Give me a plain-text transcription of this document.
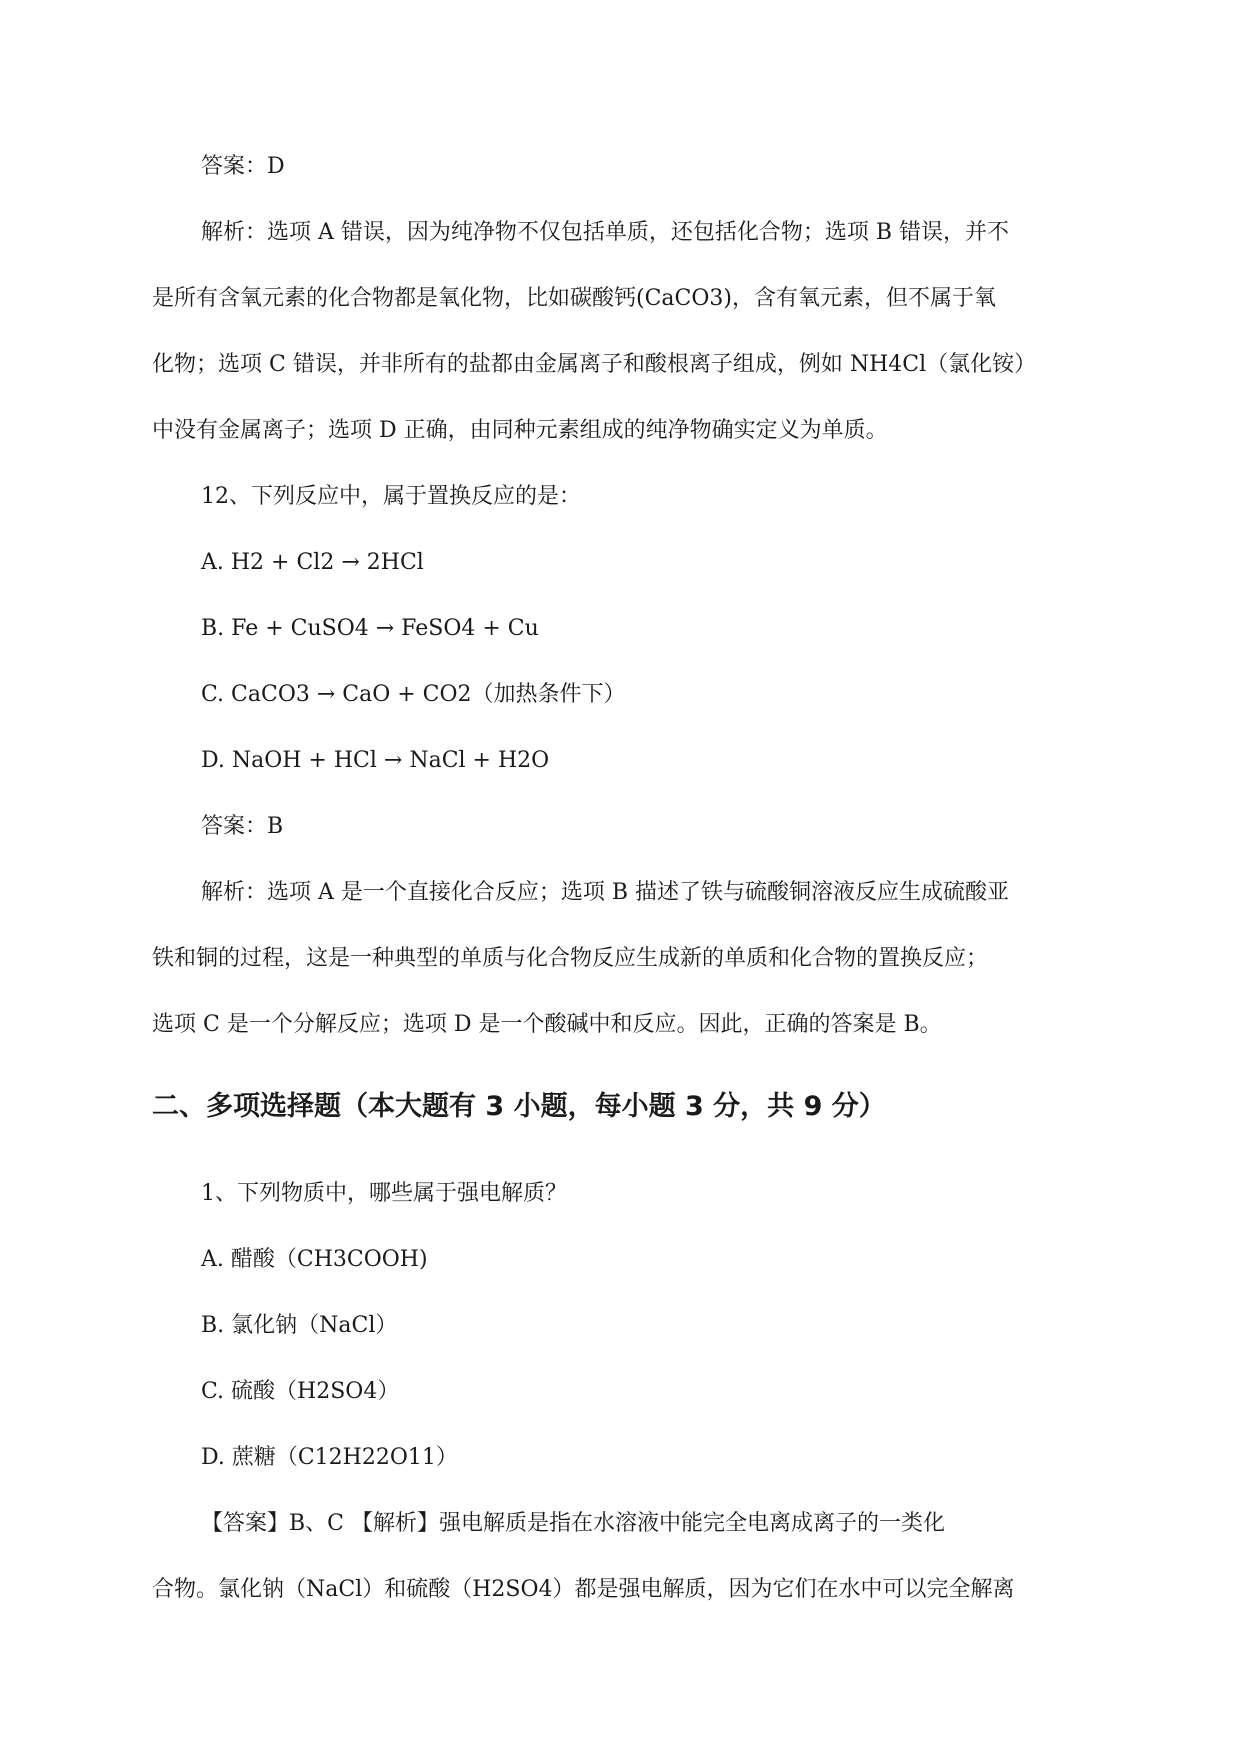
答案：D

解析：选项 A 错误，因为纯净物不仅包括单质，还包括化合物；选项 B 错误，并不

是所有含氧元素的化合物都是氧化物，比如碳酸钙(CaCO3)，含有氧元素，但不属于氧

化物；选项 C 错误，并非所有的盐都由金属离子和酸根离子组成，例如 NH4Cl（氯化铵）

中没有金属离子；选项 D 正确，由同种元素组成的纯净物确实定义为单质。

12、下列反应中，属于置换反应的是：

A. H2 + Cl2 → 2HCl

B. Fe + CuSO4 → FeSO4 + Cu

C. CaCO3 → CaO + CO2（加热条件下）

D. NaOH + HCl → NaCl + H2O

答案：B

解析：选项 A 是一个直接化合反应；选项 B 描述了铁与硫酸铜溶液反应生成硫酸亚

铁和铜的过程，这是一种典型的单质与化合物反应生成新的单质和化合物的置换反应；

选项 C 是一个分解反应；选项 D 是一个酸碱中和反应。因此，正确的答案是 B。

二、多项选择题（本大题有 3 小题，每小题 3 分，共 9 分）

1、下列物质中，哪些属于强电解质？

A. 醋酸（CH3COOH)

B. 氯化钠（NaCl）

C. 硫酸（H2SO4）

D. 蔗糖（C12H22O11）

【答案】B、C 【解析】强电解质是指在水溶液中能完全电离成离子的一类化

合物。氯化钠（NaCl）和硫酸（H2SO4）都是强电解质，因为它们在水中可以完全解离
